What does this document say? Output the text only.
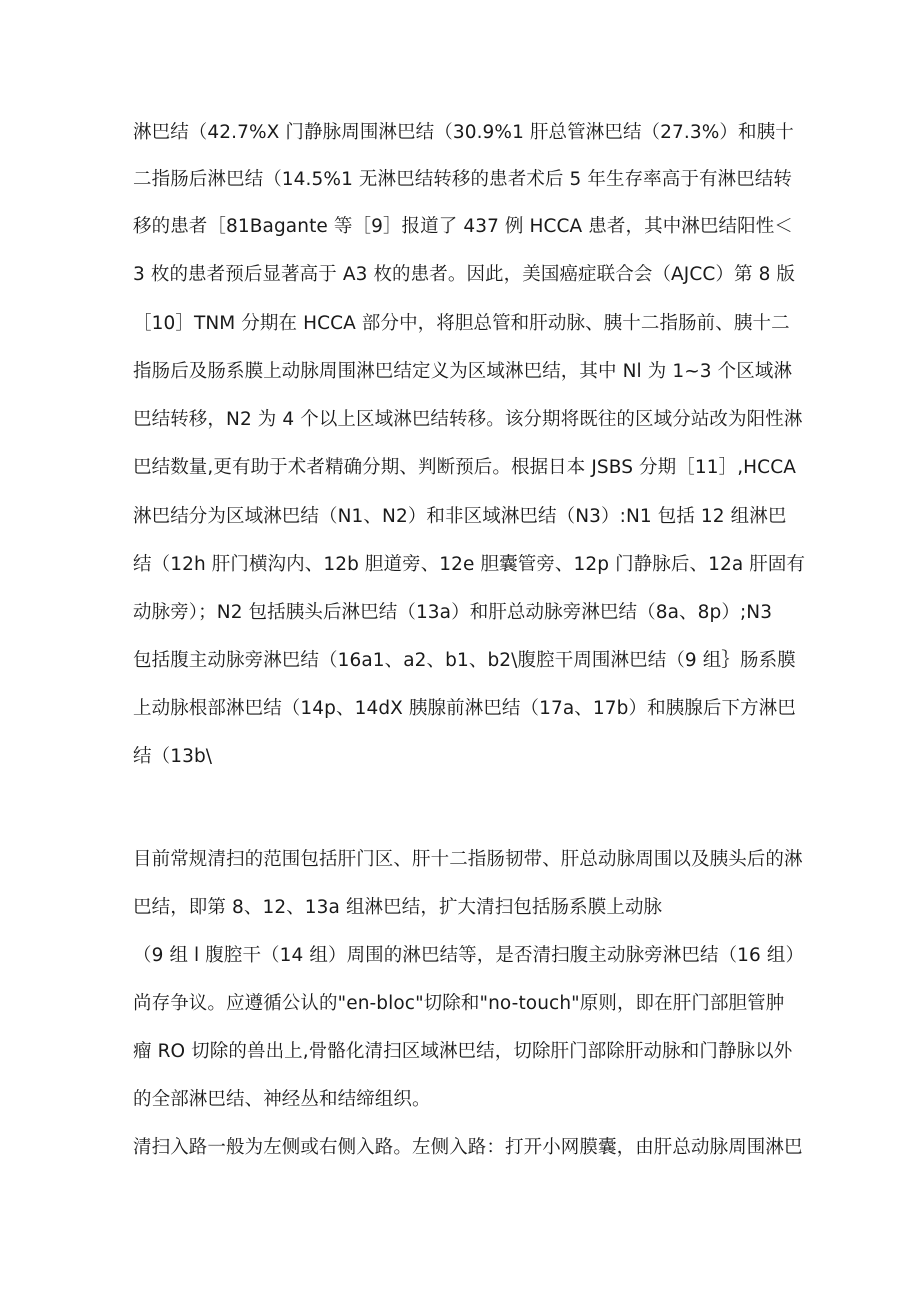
淋巴结（42.7%X 门静脉周围淋巴结（30.9%1 肝总管淋巴结（27.3%）和胰十
二指肠后淋巴结（14.5%1 无淋巴结转移的患者术后 5 年生存率高于有淋巴结转
移的患者［81Bagante 等［9］报道了 437 例 HCCA 患者，其中淋巴结阳性＜
3 枚的患者预后显著高于 A3 枚的患者。因此，美国癌症联合会（AJCC）第 8 版
［10］TNM 分期在 HCCA 部分中，将胆总管和肝动脉、胰十二指肠前、胰十二
指肠后及肠系膜上动脉周围淋巴结定义为区域淋巴结，其中 Nl 为 1~3 个区域淋
巴结转移，N2 为 4 个以上区域淋巴结转移。该分期将既往的区域分站改为阳性淋
巴结数量,更有助于术者精确分期、判断预后。根据日本 JSBS 分期［11］,HCCA
淋巴结分为区域淋巴结（N1、N2）和非区域淋巴结（N3）:N1 包括 12 组淋巴
结（12h 肝门横沟内、12b 胆道旁、12e 胆囊管旁、12p 门静脉后、12a 肝固有
动脉旁）；N2 包括胰头后淋巴结（13a）和肝总动脉旁淋巴结（8a、8p）;N3
包括腹主动脉旁淋巴结（16a1、a2、b1、b2\腹腔干周围淋巴结（9 组｝肠系膜
上动脉根部淋巴结（14p、14dX 胰腺前淋巴结（17a、17b）和胰腺后下方淋巴
结（13b\
目前常规清扫的范围包括肝门区、肝十二指肠韧带、肝总动脉周围以及胰头后的淋
巴结，即第 8、12、13a 组淋巴结，扩大清扫包括肠系膜上动脉
（9 组 l 腹腔干（14 组）周围的淋巴结等，是否清扫腹主动脉旁淋巴结（16 组）
尚存争议。应遵循公认的"en-bloc"切除和"no-touch"原则，即在肝门部胆管肿
瘤 RO 切除的兽出上,骨骼化清扫区域淋巴结，切除肝门部除肝动脉和门静脉以外
的全部淋巴结、神经丛和结缔组织。
清扫入路一般为左侧或右侧入路。左侧入路：打开小网膜囊，由肝总动脉周围淋巴
